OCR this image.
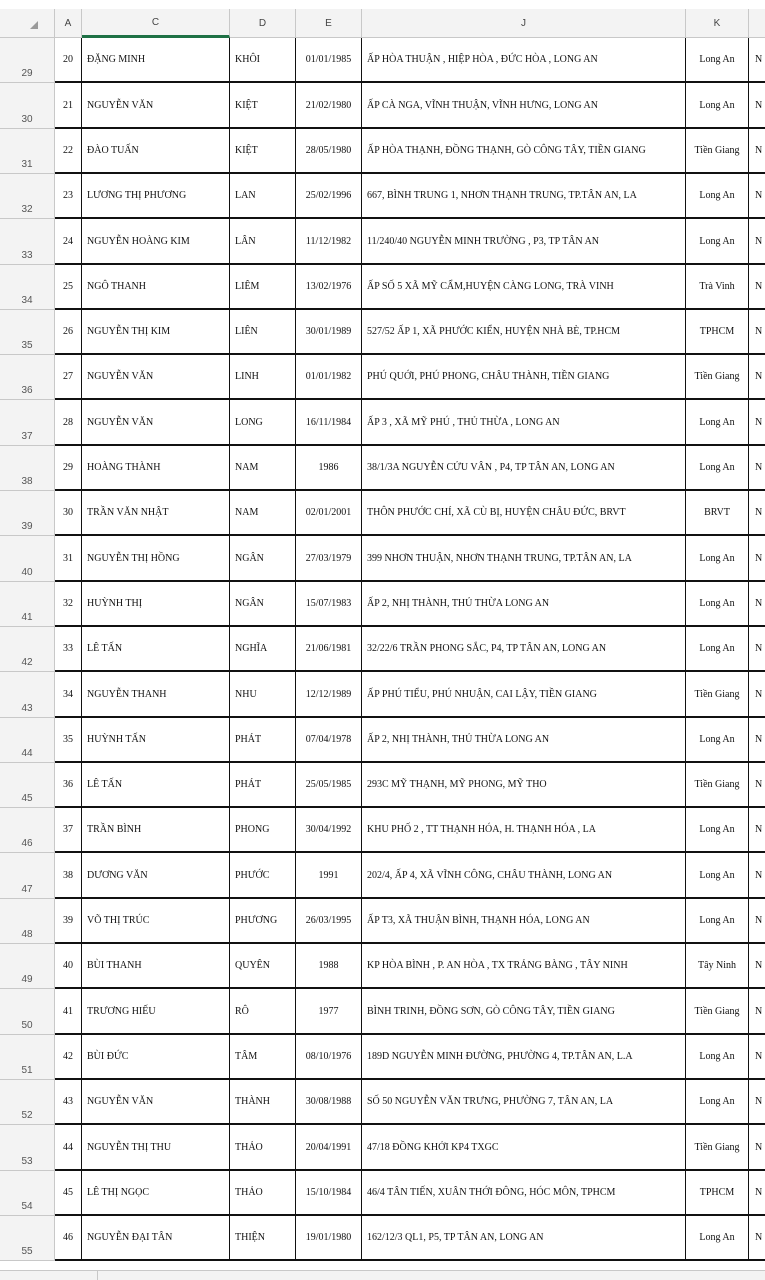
A	C	D	E	J	K
29
20	ĐẶNG MINH	KHÔI	01/01/1985	ẤP HÒA THUẬN , HIỆP HÒA , ĐỨC HÒA , LONG AN	Long An	N
30
21	NGUYỄN VĂN	KIỆT	21/02/1980	ẤP CÀ NGA, VĨNH THUẬN, VĨNH HƯNG, LONG AN	Long An	N
31
22	ĐÀO TUẤN	KIỆT	28/05/1980	ẤP HÒA THẠNH, ĐỒNG THẠNH, GÒ CÔNG TÂY, TIỀN GIANG	Tiền Giang	N
32
23	LƯƠNG THỊ PHƯƠNG	LAN	25/02/1996	667, BÌNH TRUNG 1, NHƠN THẠNH TRUNG, TP.TÂN AN, LA	Long An	N
33
24	NGUYỄN HOÀNG KIM	LÂN	11/12/1982	11/240/40 NGUYỄN MINH TRƯỜNG , P3, TP TÂN AN	Long An	N
34
25	NGÔ THANH	LIÊM	13/02/1976	ẤP SỐ 5 XÃ MỸ CẨM,HUYỆN CÀNG LONG, TRÀ VINH	Trà Vinh	N
35
26	NGUYỄN THỊ KIM	LIÊN	30/01/1989	527/52 ẤP 1, XÃ PHƯỚC KIỂN, HUYỆN NHÀ BÈ, TP.HCM	TPHCM	N
36
27	NGUYỄN VĂN	LINH	01/01/1982	PHÚ QUỚI, PHÚ PHONG, CHÂU THÀNH, TIỀN GIANG	Tiền Giang	N
37
28	NGUYỄN VĂN	LONG	16/11/1984	ẤP 3 , XÃ MỸ PHÚ , THỦ THỪA , LONG AN	Long An	N
38
29	HOÀNG THÀNH	NAM	1986	38/1/3A NGUYỄN CỬU VÂN , P4, TP TÂN AN, LONG AN	Long An	N
39
30	TRẦN VĂN NHẬT	NAM	02/01/2001	THÔN PHƯỚC CHÍ, XÃ CÙ BỊ, HUYỆN CHÂU ĐỨC, BRVT	BRVT	N
40
31	NGUYỄN THỊ HỒNG	NGÂN	27/03/1979	399 NHƠN THUẬN, NHƠN THẠNH TRUNG, TP.TÂN AN, LA	Long An	N
41
32	HUỲNH THỊ	NGÂN	15/07/1983	ẤP 2, NHỊ THÀNH, THỦ THỪA LONG AN	Long An	N
42
33	LÊ TẤN	NGHĨA	21/06/1981	32/22/6 TRẦN PHONG SẮC, P4, TP TÂN AN, LONG AN	Long An	N
43
34	NGUYỄN THANH	NHU	12/12/1989	ẤP PHÚ TIỂU, PHÚ NHUẬN, CAI LẬY, TIỀN GIANG	Tiền Giang	N
44
35	HUỲNH TẤN	PHÁT	07/04/1978	ẤP 2, NHỊ THÀNH, THỦ THỪA LONG AN	Long An	N
45
36	LÊ TẤN	PHÁT	25/05/1985	293C MỸ THẠNH, MỸ PHONG, MỸ THO	Tiền Giang	N
46
37	TRẦN BÌNH	PHONG	30/04/1992	KHU PHỐ 2 , TT THẠNH HÓA, H. THẠNH HÓA , LA	Long An	N
47
38	DƯƠNG VĂN	PHƯỚC	1991	202/4, ẤP 4, XÃ VĨNH CÔNG, CHÂU THÀNH, LONG AN	Long An	N
48
39	VÕ THỊ TRÚC	PHƯƠNG	26/03/1995	ẤP T3, XÃ THUẬN BÌNH, THẠNH HÓA, LONG AN	Long An	N
49
40	BÙI THANH	QUYÊN	1988	KP HÒA BÌNH , P. AN HÒA , TX TRẢNG BÀNG , TÂY NINH	Tây Ninh	N
50
41	TRƯƠNG HIẾU	RÔ	1977	BÌNH TRINH, ĐỒNG SƠN, GÒ CÔNG TÂY, TIỀN GIANG	Tiền Giang	N
51
42	BÙI ĐỨC	TÂM	08/10/1976	189D NGUYỄN MINH ĐƯỜNG, PHƯỜNG 4, TP.TÂN AN, L.A	Long An	N
52
43	NGUYỄN VĂN	THÀNH	30/08/1988	SỐ 50 NGUYỄN VĂN TRƯNG, PHƯỜNG 7, TÂN AN, LA	Long An	N
53
44	NGUYỄN THỊ THU	THẢO	20/04/1991	47/18 ĐỒNG KHỞI KP4 TXGC	Tiền Giang	N
54
45	LÊ THỊ NGỌC	THẢO	15/10/1984	46/4 TÂN TIẾN, XUÂN THỚI ĐÔNG, HÓC MÔN, TPHCM	TPHCM	N
55
46	NGUYỄN ĐẠI TÂN	THIỆN	19/01/1980	162/12/3 QL1, P5, TP TÂN AN, LONG AN	Long An	N
